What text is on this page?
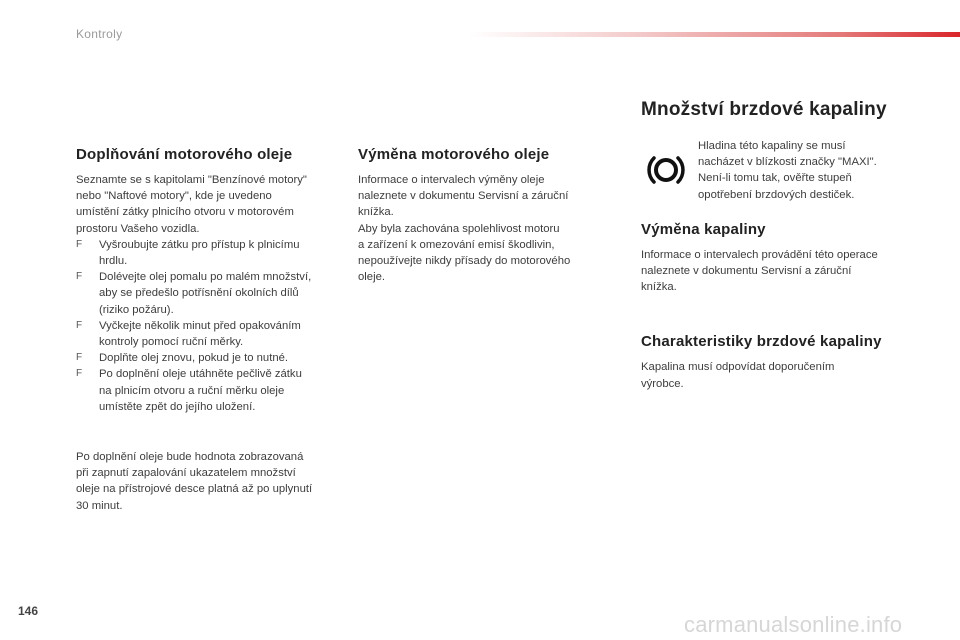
Kontroly
Doplňování motorového oleje

Seznamte se s kapitolami "Benzínové motory"
nebo "Naftové motory", kde je uvedeno
umístění zátky plnicího otvoru v motorovém
prostoru Vašeho vozidla.

F Vyšroubujte zátku pro přístup k plnicímu
hrdlu.
F Dolévejte olej pomalu po malém množství,
aby se předešlo potřísnění okolních dílů
(riziko požáru).
F Vyčkejte několik minut před opakováním
kontroly pomocí ruční měrky.
F Doplňte olej znovu, pokud je to nutné.
F Po doplnění oleje utáhněte pečlivě zátku
na plnicím otvoru a ruční měrku oleje
umístěte zpět do jejího uložení.

Po doplnění oleje bude hodnota zobrazovaná
při zapnutí zapalování ukazatelem množství
oleje na přístrojové desce platná až po uplynutí
30 minut.

Výměna motorového oleje

Informace o intervalech výměny oleje
naleznete v dokumentu Servisní a záruční
knížka.

Aby byla zachována spolehlivost motoru
a zařízení k omezování emisí škodlivin,
nepoužívejte nikdy přísady do motorového
oleje.

Množství brzdové kapaliny

Hladina této kapaliny se musí
nacházet v blízkosti značky "MAXI".
Není-li tomu tak, ověřte stupeň
opotřebení brzdových destiček.

Výměna kapaliny

Informace o intervalech provádění této operace
naleznete v dokumentu Servisní a záruční
knížka.

Charakteristiky brzdové kapaliny

Kapalina musí odpovídat doporučením
výrobce.

146
carmanualsonline.info
